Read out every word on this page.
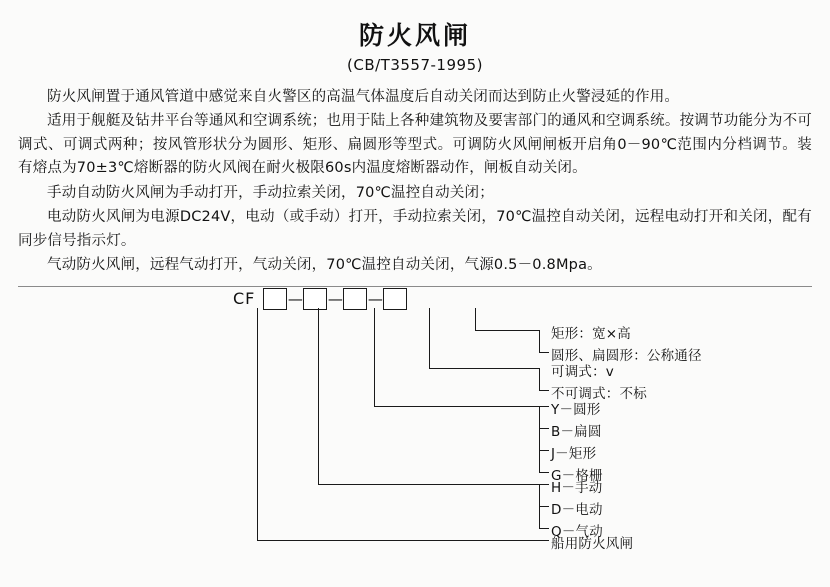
防火风闸
(CB/T3557-1995)

防火风闸置于通风管道中感觉来自火警区的高温气体温度后自动关闭而达到防止火警浸延的作用。

适用于舰艇及钻井平台等通风和空调系统；也用于陆上各种建筑物及要害部门的通风和空调系统。按调节功能分为不可调式、可调式两种；按风管形状分为圆形、矩形、扁圆形等型式。可调防火风闸闸板开启角0－90℃范围内分档调节。装有熔点为70±3℃熔断器的防火风阀在耐火极限60s内温度熔断器动作，闸板自动关闭。

手动自动防火风闸为手动打开，手动拉索关闭，70℃温控自动关闭；

电动防火风闸为电源DC24V，电动（或手动）打开，手动拉索关闭，70℃温控自动关闭，远程电动打开和关闭，配有同步信号指示灯。

气动防火风闸，远程气动打开，气动关闭，70℃温控自动关闭，气源0.5－0.8Mpa。

CF — — —
矩形：宽×高
圆形、扁圆形：公称通径
可调式：v
不可调式：不标
Y－圆形
B－扁圆
J－矩形
G－格栅
H－手动
D－电动
Q－气动
船用防火风闸
